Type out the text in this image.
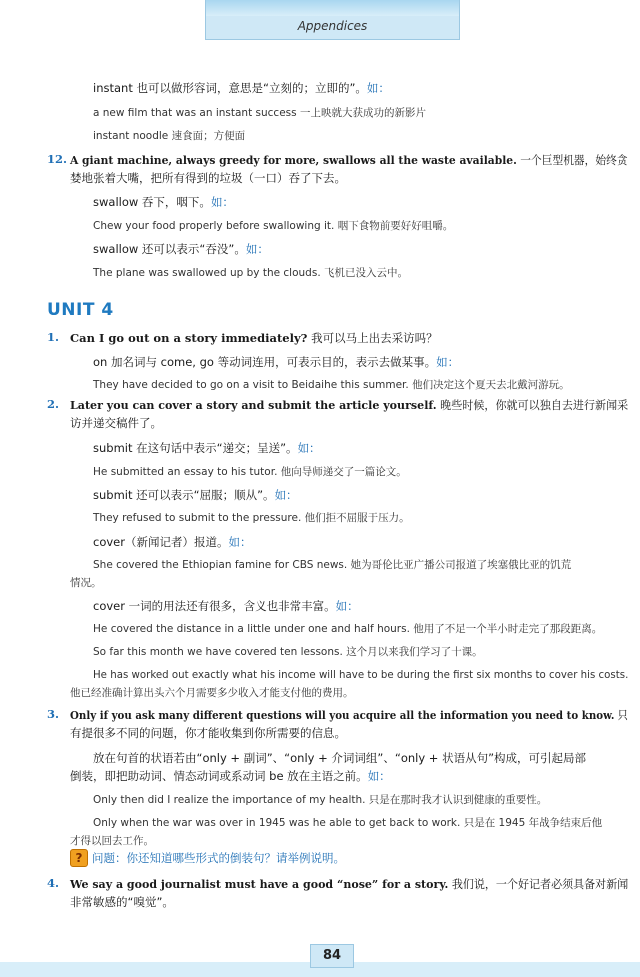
Appendices
instant 也可以做形容词，意思是“立刻的；立即的”。如：
a new film that was an instant success 一上映就大获成功的新影片
instant noodle 速食面；方便面
12. A giant machine, always greedy for more, swallows all the waste available. 一个巨型机器，始终贪
婪地张着大嘴，把所有得到的垃圾（一口）吞了下去。
swallow 吞下，咽下。如：
Chew your food properly before swallowing it. 咽下食物前要好好咀嚼。
swallow 还可以表示“吞没”。如：
The plane was swallowed up by the clouds. 飞机已没入云中。
1. Can I go out on a story immediately? 我可以马上出去采访吗？
on 加名词与 come, go 等动词连用，可表示目的，表示去做某事。如：
They have decided to go on a visit to Beidaihe this summer. 他们决定这个夏天去北戴河游玩。
2. Later you can cover a story and submit the article yourself. 晚些时候，你就可以独自去进行新闻采
访并递交稿件了。
submit 在这句话中表示“递交；呈送”。如：
He submitted an essay to his tutor. 他向导师递交了一篇论文。
submit 还可以表示“屈服；顺从”。如：
They refused to submit to the pressure. 他们拒不屈服于压力。
cover（新闻记者）报道。如：
She covered the Ethiopian famine for CBS news. 她为哥伦比亚广播公司报道了埃塞俄比亚的饥荒
情况。
cover 一词的用法还有很多，含义也非常丰富。如：
He covered the distance in a little under one and half hours. 他用了不足一个半小时走完了那段距离。
So far this month we have covered ten lessons. 这个月以来我们学习了十课。
He has worked out exactly what his income will have to be during the first six months to cover his costs.
他已经准确计算出头六个月需要多少收入才能支付他的费用。
3. Only if you ask many different questions will you acquire all the information you need to know. 只
有提很多不同的问题，你才能收集到你所需要的信息。
放在句首的状语若由“only + 副词”、“only + 介词词组”、“only + 状语从句”构成，可引起局部
倒装，即把助动词、情态动词或系动词 be 放在主语之前。如：
Only then did I realize the importance of my health. 只是在那时我才认识到健康的重要性。
Only when the war was over in 1945 was he able to get back to work. 只是在 1945 年战争结束后他
才得以回去工作。
4. We say a good journalist must have a good “nose” for a story. 我们说，一个好记者必须具备对新闻
非常敏感的“嗅觉”。
UNIT 4
? 问题：你还知道哪些形式的倒装句？请举例说明。
84
